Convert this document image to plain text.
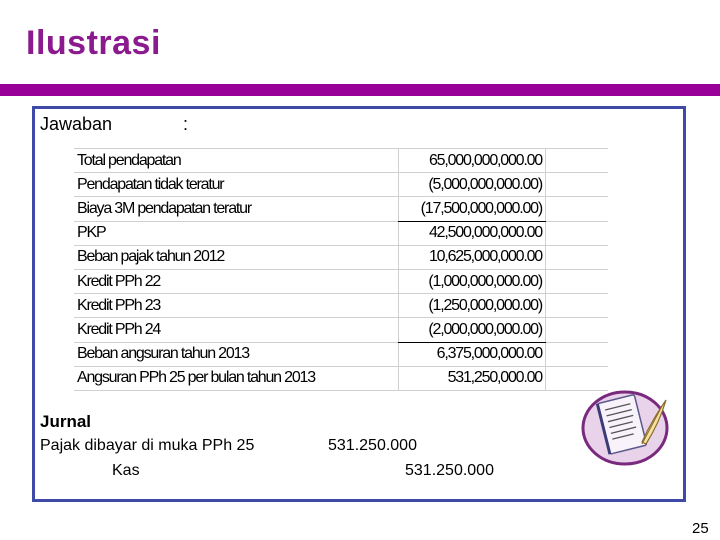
Ilustrasi
Jawaban	:
Total pendapatan	65,000,000,000.00	
Pendapatan tidak teratur	(5,000,000,000.00)	
Biaya 3M pendapatan teratur	(17,500,000,000.00)	
PKP	42,500,000,000.00	
Beban pajak tahun 2012	10,625,000,000.00	
Kredit PPh 22	(1,000,000,000.00)	
Kredit PPh 23	(1,250,000,000.00)	
Kredit PPh 24	(2,000,000,000.00)	
Beban angsuran tahun 2013	6,375,000,000.00	
Angsuran PPh 25 per bulan tahun 2013	531,250,000.00	
Jurnal
Pajak dibayar di muka PPh 25	531.250.000
Kas	531.250.000
25
